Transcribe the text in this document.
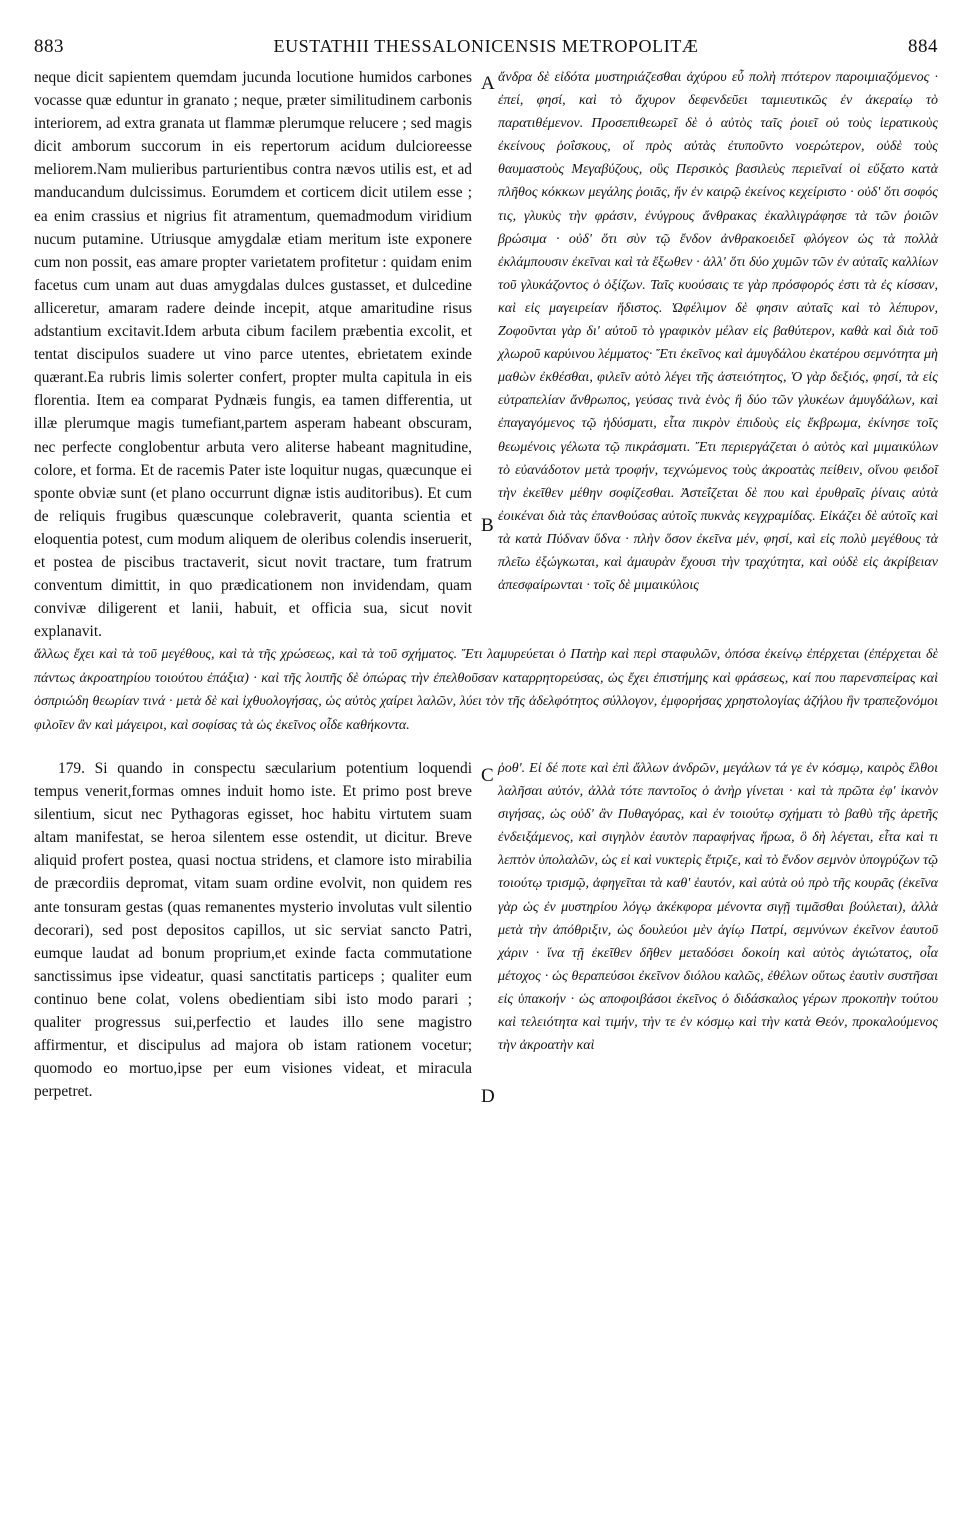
883	EUSTATHII THESSALONICENSIS METROPOLITÆ	884

neque dicit sapientem quemdam jucunda locutione humidos carbones vocasse quæ eduntur in granato ; neque, præter similitudinem carbonis interiorem, ad extra granata ut flammæ plerumque relucere ; sed magis dicit amborum succorum in eis repertorum acidum dulcioreesse meliorem.Nam mulieribus parturientibus contra nævos utilis est, et ad manducandum dulcissimus. Eorumdem et corticem dicit utilem esse ; ea enim crassius et nigrius fit atramentum, quemadmodum viridium nucum putamine. Utriusque amygdalæ etiam meritum iste exponere cum non possit, eas amare propter varietatem profitetur : quidam enim facetus cum unam aut duas amygdalas dulces gustasset, et dulcedine alliceretur, amaram radere deinde incepit, atque amaritudine risus adstantium excitavit.Idem arbuta cibum facilem præbentia excolit, et tentat discipulos suadere ut vino parce utentes, ebrietatem exinde quærant.Ea rubris limis solerter confert, propter multa capitula in eis florentia. Item ea comparat Pydnæis fungis, ea tamen differentia, ut illæ plerumque magis tumefiant,partem asperam habeant obscuram, nec perfecte conglobentur arbuta vero aliterse habeant magnitudine, colore, et forma. Et de racemis Pater iste loquitur nugas, quæcunque ei sponte obviæ sunt (et plano occurrunt dignæ istis auditoribus). Et cum de reliquis frugibus quæscunque colebraverit, quanta scientia et eloquentia potest, cum modum aliquem de oleribus colendis inseruerit, et postea de piscibus tractaverit, sicut novit tractare, tum fratrum conventum dimittit, in quo prædicationem non invidendam, quam convivæ diligerent et lanii, habuit, et officia sua, sicut novit explanavit.

A
B
C

ἄνδρα δὲ εἰδότα μυστηριάζεσθαι ἀχύρου εὖ πολὴ πτότερον παροιμιαζόμενος · ἐπεί, φησί, καὶ τὸ ἄχυρον δεφενδεῦει ταμιευτικῶς ἐν ἀκεραίῳ τὸ παρατιθέμενον. Προσεπιθεωρεῖ δὲ ὁ αὐτὸς ταῖς ῥοιεῖ οὐ τοὺς ἱερατικοὺς ἐκείνους ῥοΐσκους, οἵ πρὸς αὐτὰς ἐτυποῦντο νοερώτερον, οὐδὲ τοὺς θαυμαστοὺς Μεγαβύζους, οὓς Περσικὸς βασιλεὺς περιεῖναί οἱ εὔξατο κατὰ πλῆθος κόκκων μεγάλης ῥοιᾶς, ἥν ἐν καιρῷ ἐκείνος κεχείριστο · οὐδ' ὅτι σοφός τις, γλυκὺς τὴν φράσιν, ἐνύγρους ἄνθρακας ἐκαλλιγράφησε τὰ τῶν ῥοιῶν βρώσιμα · οὐδ' ὅτι σὺν τῷ ἔνδον ἀνθρακοειδεῖ φλόγεον ὡς τὰ πολλὰ ἐκλάμπουσιν ἐκεῖναι καὶ τὰ ἔξωθεν · ἀλλ' ὅτι δύο χυμῶν τῶν ἐν αὐταῖς καλλίων τοῦ γλυκάζοντος ὁ ὀξίζων. Ταῖς κυούσαις τε γὰρ πρόσφορός ἐστι τὰ ἐς κίσσαν, καὶ εἰς μαγειρείαν ἥδιστος. Ὠφέλιμον δὲ φησιν αὐταῖς καὶ τὸ λέπυρον, Ζοφοῦνται γὰρ δι' αὐτοῦ τὸ γραφικὸν μέλαν εἰς βαθύτερον, καθὰ καὶ διὰ τοῦ χλωροῦ καρύινου λέμματος· Ἔτι ἐκεῖνος καὶ ἀμυγδάλου ἑκατέρου σεμνότητα μὴ μαθὼν ἐκθέσθαι, φιλεῖν αὐτὸ λέγει τῆς ἀστειότητος, Ὁ γὰρ δεξιός, φησί, τὰ εἰς εὐτραπελίαν ἄνθρωπος, γεύσας τινὰ ἑνὸς ἢ δύο τῶν γλυκέων ἀμυγδάλων, καὶ ἐπαγαγόμενος τῷ ἡδύσματι, εἶτα πικρὸν ἐπιδοὺς εἰς ἔκβρωμα, ἐκίνησε τοῖς θεωμένοις γέλωτα τῷ πικράσματι. Ἔτι περιεργάζεται ὁ αὐτὸς καὶ μιμαικύλων τὸ εὐανάδοτον μετὰ τροφήν, τεχνώμενος τοὺς ἀκροατὰς πείθειν, οἴνου φειδοῖ τὴν ἐκεῖθεν μέθην σοφίζεσθαι. Ἀστεΐζεται δὲ που καὶ ἐρυθραῖς ῥίναις αὐτὰ ἐοικέναι διὰ τὰς ἐπανθούσας αὐτοῖς πυκνὰς κεγχραμίδας. Εἰκάζει δὲ αὐτοῖς καὶ τὰ κατὰ Πύδναν ὕδνα · πλὴν ὅσον ἐκεῖνα μέν, φησί, καὶ εἰς πολὺ μεγέθους τὰ πλεῖω ἐξώγκωται, καὶ ἀμαυρὰν ἔχουσι τὴν τραχύτητα, καὶ οὐδὲ εἰς ἀκρίβειαν ἀπεσφαίρωνται · τοῖς δὲ μιμαικύλοις

ἄλλως ἔχει καὶ τὰ τοῦ μεγέθους, καὶ τὰ τῆς χρώσεως, καὶ τὰ τοῦ σχήματος. Ἔτι λαμυρεύεται ὁ Πατὴρ καὶ περὶ σταφυλῶν, ὁπόσα ἐκείνῳ ἐπέρχεται (ἐπέρχεται δὲ πάντως ἀκροατηρίου τοιούτου ἐπάξια) · καὶ τῆς λοιπῆς δὲ ὀπώρας τὴν ἐπελθοῦσαν καταρρητορεύσας, ὡς ἔχει ἐπιστήμης καὶ φράσεως, καί που παρενσπείρας καὶ ὀσπριώδη θεωρίαν τινά · μετὰ δὲ καὶ ἰχθυολογήσας, ὡς αὐτὸς χαίρει λαλῶν, λύει τὸν τῆς ἀδελφότητος σύλλογον, ἐμφορήσας χρηστολογίας ἀζήλου ἣν τραπεζονόμοι φιλοῖεν ἂν καὶ μάγειροι, καὶ σοφίσας τὰ ὡς ἐκεῖνος οἶδε καθήκοντα.

179. Si quando in conspectu sæcularium potentium loquendi tempus venerit,formas omnes induit homo iste. Et primo post breve silentium, sicut nec Pythagoras egisset, hoc habitu virtutem suam altam manifestat, se heroa silentem esse ostendit, ut dicitur. Breve aliquid profert postea, quasi noctua stridens, et clamore isto mirabilia de præcordiis depromat, vitam suam ordine evolvit, non quidem res ante tonsuram gestas (quas remanentes mysterio involutas vult silentio decorari), sed post depositos capillos, ut sic serviat sancto Patri, eumque laudat ad bonum proprium,et exinde facta commutatione sanctissimus ipse videatur, quasi sanctitatis particeps ; qualiter eum continuo bene colat, volens obedientiam sibi isto modo parari ; qualiter progressus sui,perfectio et laudes illo sene magistro affirmentur, et discipulus ad majora ob istam rationem vocetur; quomodo eo mortuo,ipse per eum visiones videat, et miracula perpetret.	D

ῥοθ'. Εἰ δέ ποτε καὶ ἐπὶ ἄλλων ἀνδρῶν, μεγάλων τά γε ἐν κόσμῳ, καιρὸς ἔλθοι λαλῆσαι αὐτόν, ἀλλὰ τότε παντοῖος ὁ ἀνὴρ γίνεται · καὶ τὰ πρῶτα ἐφ' ἱκανὸν σιγήσας, ὡς οὐδ' ἂν Πυθαγόρας, καὶ ἐν τοιούτῳ σχήματι τὸ βαθὺ τῆς ἀρετῆς ἐνδειξάμενος, καὶ σιγηλὸν ἑαυτὸν παραφήνας ἥρωα, ὃ δὴ λέγεται, εἶτα καὶ τι λεπτὸν ὑπολαλῶν, ὡς εἰ καὶ νυκτερὶς ἔτριζε, καὶ τὸ ἔνδον σεμνὸν ὑπογρύζων τῷ τοιούτῳ τρισμῷ, ἀφηγεῖται τὰ καθ' ἑαυτόν, καὶ αὐτὰ οὐ πρὸ τῆς κουρᾶς (ἐκεῖνα γὰρ ὡς ἐν μυστηρίου λόγῳ ἀκέκφορα μένοντα σιγῇ τιμᾶσθαι βούλεται), ἀλλὰ μετὰ τὴν ἀπόθριξιν, ὡς δουλεύοι μὲν ἁγίῳ Πατρί, σεμνύνων ἐκεῖνον ἑαυτοῦ χάριν · ἵνα τῇ ἐκεῖθεν δῆθεν μεταδόσει δοκοίη καὶ αὐτὸς ἁγιώτατος, οἷα μέτοχος · ὡς θεραπεύσοι ἐκεῖνον διόλου καλῶς, ἐθέλων οὕτως ἑαυτὶν συστῆσαι εἰς ὑπακοήν · ὡς αποφοιβάσοι ἐκεῖνος ὁ διδάσκαλος γέρων προκοπὴν τούτου καὶ τελειότητα καὶ τιμήν, τὴν τε ἐν κόσμῳ καὶ τὴν κατὰ Θεόν, προκαλούμενος τὴν ἀκροατὴν καὶ
